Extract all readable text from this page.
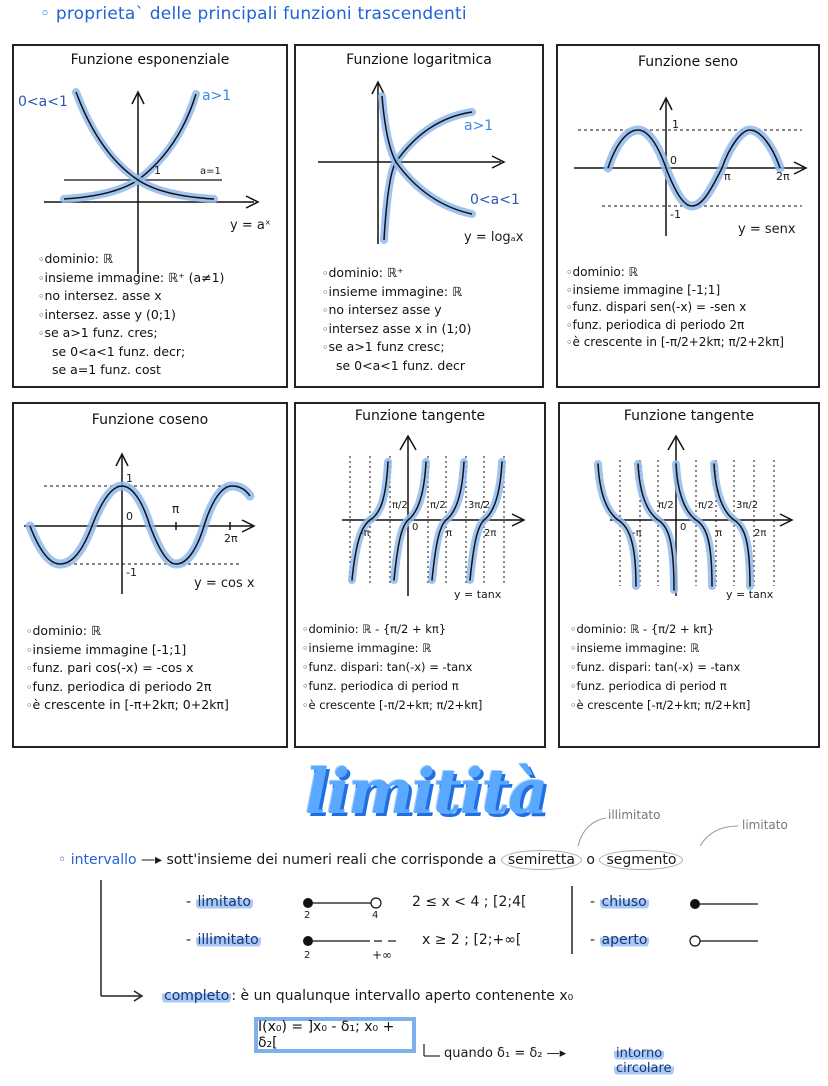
◦ proprieta` delle principali funzioni trascendenti
Funzione esponenziale
0<a<1	a>1
1	a=1
y = aˣ
◦ dominio: ℝ
◦ insieme immagine: ℝ⁺ (a≠1)
◦ no intersez. asse x
◦ intersez. asse y (0;1)
◦ se a>1 funz. cres;
se 0<a<1 funz. decr;
se a=1 funz. cost
Funzione logaritmica
a>1
0<a<1
y = logₐx
◦ dominio: ℝ⁺
◦ insieme immagine: ℝ
◦ no intersez asse y
◦ intersez asse x in (1;0)
◦ se a>1 funz cresc;
se 0<a<1 funz. decr
Funzione seno
1
0
π	2π
-1
y = senx
◦ dominio: ℝ
◦ insieme immagine [-1;1]
◦ funz. dispari sen(-x) = -sen x
◦ funz. periodica di periodo 2π
◦ è crescente in [-π/2+2kπ; π/2+2kπ]
Funzione coseno
1
0
π
2π
-1
y = cos x
◦ dominio: ℝ
◦ insieme immagine [-1;1]
◦ funz. pari cos(-x) = -cos x
◦ funz. periodica di periodo 2π
◦ è crescente in [-π+2kπ; 0+2kπ]
Funzione tangente
π/2 π/2 3π/2
-π
0
π	2π
y = tanx
◦ dominio: ℝ - {π/2 + kπ}
◦ insieme immagine: ℝ
◦ funz. dispari: tan(-x) = -tanx
◦ funz. periodica di period π
◦ è crescente [-π/2+kπ; π/2+kπ]
Funzione tangente
π/2 π/2 3π/2
-π
0
π	2π
y = tanx
◦ dominio: ℝ - {π/2 + kπ}
◦ insieme immagine: ℝ
◦ funz. dispari: tan(-x) = -tanx
◦ funz. periodica di period π
◦ è crescente [-π/2+kπ; π/2+kπ]
limitità	illimitato
limitato
◦ intervallo —▸ sott'insieme dei numeri reali che corrisponde a semiretta o segmento
- limitato
2	4
2 ≤ x < 4 ; [2;4[
- illimitato
2	+∞
x ≥ 2 ; [2;+∞[
- chiuso
- aperto
completo : è un qualunque intervallo aperto contenente x₀
I(x₀) = ]x₀ - δ₁; x₀ + δ₂[
quando δ₁ = δ₂ —▸	intorno
circolare
